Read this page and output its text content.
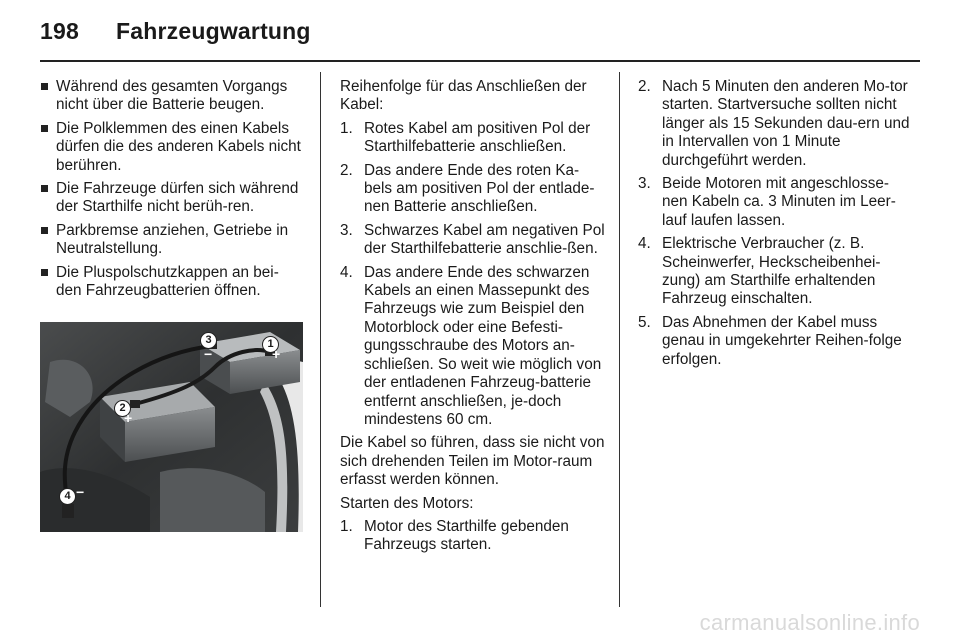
198 Fahrzeugwartung
Während des gesamten Vorgangs nicht über die Batterie beugen.
Die Polklemmen des einen Kabels dürfen die des anderen Kabels nicht berühren.
Die Fahrzeuge dürfen sich während der Starthilfe nicht berüh-ren.
Parkbremse anziehen, Getriebe in Neutralstellung.
Die Pluspolschutzkappen an bei-den Fahrzeugbatterien öffnen.
3	1
2
4
−	+
+
−

Reihenfolge für das Anschließen der Kabel:

1. Rotes Kabel am positiven Pol der Starthilfebatterie anschließen.
2. Das andere Ende des roten Ka-bels am positiven Pol der entlade-nen Batterie anschließen.
3. Schwarzes Kabel am negativen Pol der Starthilfebatterie anschlie-ßen.
4. Das andere Ende des schwarzen Kabels an einen Massepunkt des Fahrzeugs wie zum Beispiel den Motorblock oder eine Befesti-gungsschraube des Motors an-schließen. So weit wie möglich von der entladenen Fahrzeug-batterie entfernt anschließen, je-doch mindestens 60 cm.

Die Kabel so führen, dass sie nicht von sich drehenden Teilen im Motor-raum erfasst werden können.

Starten des Motors:

1. Motor des Starthilfe gebenden Fahrzeugs starten.
2. Nach 5 Minuten den anderen Mo-tor starten. Startversuche sollten nicht länger als 15 Sekunden dau-ern und in Intervallen von 1 Minute durchgeführt werden.
3. Beide Motoren mit angeschlosse-nen Kabeln ca. 3 Minuten im Leer-lauf laufen lassen.
4. Elektrische Verbraucher (z. B. Scheinwerfer, Heckscheibenhei-zung) am Starthilfe erhaltenden Fahrzeug einschalten.
5. Das Abnehmen der Kabel muss genau in umgekehrter Reihen-folge erfolgen.
carmanualsonline.info
